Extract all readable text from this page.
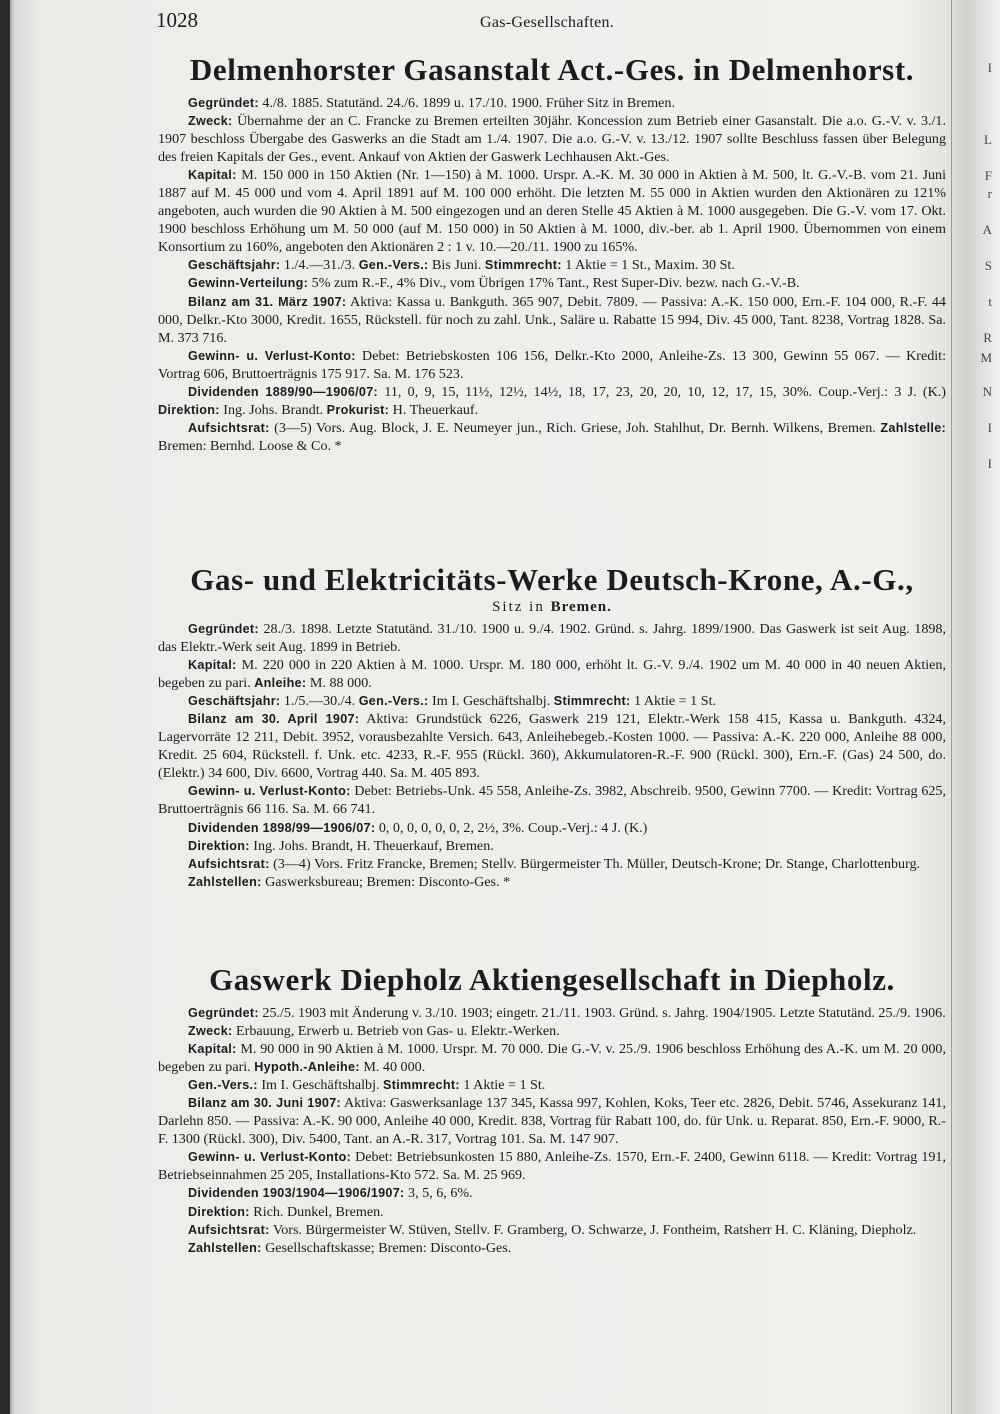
I
L
F
r
A
S
t
R
M
N
I
I
1028	Gas-Gesellschaften.
Delmenhorster Gasanstalt Act.-Ges. in Delmenhorst.

Gegründet: 4./8. 1885. Statutänd. 24./6. 1899 u. 17./10. 1900. Früher Sitz in Bremen.

Zweck: Übernahme der an C. Francke zu Bremen erteilten 30jähr. Koncession zum Betrieb einer Gasanstalt. Die a.o. G.-V. v. 3./1. 1907 beschloss Übergabe des Gaswerks an die Stadt am 1./4. 1907. Die a.o. G.-V. v. 13./12. 1907 sollte Beschluss fassen über Belegung des freien Kapitals der Ges., event. Ankauf von Aktien der Gaswerk Lechhausen Akt.-Ges.

Kapital: M. 150 000 in 150 Aktien (Nr. 1—150) à M. 1000. Urspr. A.-K. M. 30 000 in Aktien à M. 500, lt. G.-V.-B. vom 21. Juni 1887 auf M. 45 000 und vom 4. April 1891 auf M. 100 000 erhöht. Die letzten M. 55 000 in Aktien wurden den Aktionären zu 121% angeboten, auch wurden die 90 Aktien à M. 500 eingezogen und an deren Stelle 45 Aktien à M. 1000 ausgegeben. Die G.-V. vom 17. Okt. 1900 beschloss Erhöhung um M. 50 000 (auf M. 150 000) in 50 Aktien à M. 1000, div.-ber. ab 1. April 1900. Übernommen von einem Konsortium zu 160%, angeboten den Aktionären 2 : 1 v. 10.—20./11. 1900 zu 165%.

Geschäftsjahr: 1./4.—31./3. Gen.-Vers.: Bis Juni. Stimmrecht: 1 Aktie = 1 St., Maxim. 30 St.

Gewinn-Verteilung: 5% zum R.-F., 4% Div., vom Übrigen 17% Tant., Rest Super-Div. bezw. nach G.-V.-B.

Bilanz am 31. März 1907: Aktiva: Kassa u. Bankguth. 365 907, Debit. 7809. — Passiva: A.-K. 150 000, Ern.-F. 104 000, R.-F. 44 000, Delkr.-Kto 3000, Kredit. 1655, Rückstell. für noch zu zahl. Unk., Saläre u. Rabatte 15 994, Div. 45 000, Tant. 8238, Vortrag 1828. Sa. M. 373 716.

Gewinn- u. Verlust-Konto: Debet: Betriebskosten 106 156, Delkr.-Kto 2000, Anleihe-Zs. 13 300, Gewinn 55 067. — Kredit: Vortrag 606, Bruttoerträgnis 175 917. Sa. M. 176 523.

Dividenden 1889/90—1906/07: 11, 0, 9, 15, 11½, 12½, 14½, 18, 17, 23, 20, 20, 10, 12, 17, 15, 30%. Coup.-Verj.: 3 J. (K.) Direktion: Ing. Johs. Brandt. Prokurist: H. Theuerkauf.

Aufsichtsrat: (3—5) Vors. Aug. Block, J. E. Neumeyer jun., Rich. Griese, Joh. Stahlhut, Dr. Bernh. Wilkens, Bremen. Zahlstelle: Bremen: Bernhd. Loose & Co. *

Gas- und Elektricitäts-Werke Deutsch-Krone, A.-G.,

Sitz in Bremen.

Gegründet: 28./3. 1898. Letzte Statutänd. 31./10. 1900 u. 9./4. 1902. Gründ. s. Jahrg. 1899/1900. Das Gaswerk ist seit Aug. 1898, das Elektr.-Werk seit Aug. 1899 in Betrieb.

Kapital: M. 220 000 in 220 Aktien à M. 1000. Urspr. M. 180 000, erhöht lt. G.-V. 9./4. 1902 um M. 40 000 in 40 neuen Aktien, begeben zu pari. Anleihe: M. 88 000.

Geschäftsjahr: 1./5.—30./4. Gen.-Vers.: Im I. Geschäftshalbj. Stimmrecht: 1 Aktie = 1 St.

Bilanz am 30. April 1907: Aktiva: Grundstück 6226, Gaswerk 219 121, Elektr.-Werk 158 415, Kassa u. Bankguth. 4324, Lagervorräte 12 211, Debit. 3952, vorausbezahlte Versich. 643, Anleihebegeb.-Kosten 1000. — Passiva: A.-K. 220 000, Anleihe 88 000, Kredit. 25 604, Rückstell. f. Unk. etc. 4233, R.-F. 955 (Rückl. 360), Akkumulatoren-R.-F. 900 (Rückl. 300), Ern.-F. (Gas) 24 500, do. (Elektr.) 34 600, Div. 6600, Vortrag 440. Sa. M. 405 893.

Gewinn- u. Verlust-Konto: Debet: Betriebs-Unk. 45 558, Anleihe-Zs. 3982, Abschreib. 9500, Gewinn 7700. — Kredit: Vortrag 625, Bruttoerträgnis 66 116. Sa. M. 66 741.

Dividenden 1898/99—1906/07: 0, 0, 0, 0, 0, 0, 2, 2½, 3%. Coup.-Verj.: 4 J. (K.)

Direktion: Ing. Johs. Brandt, H. Theuerkauf, Bremen.

Aufsichtsrat: (3—4) Vors. Fritz Francke, Bremen; Stellv. Bürgermeister Th. Müller, Deutsch-Krone; Dr. Stange, Charlottenburg.

Zahlstellen: Gaswerksbureau; Bremen: Disconto-Ges. *

Gaswerk Diepholz Aktiengesellschaft in Diepholz.

Gegründet: 25./5. 1903 mit Änderung v. 3./10. 1903; eingetr. 21./11. 1903. Gründ. s. Jahrg. 1904/1905. Letzte Statutänd. 25./9. 1906.

Zweck: Erbauung, Erwerb u. Betrieb von Gas- u. Elektr.-Werken.

Kapital: M. 90 000 in 90 Aktien à M. 1000. Urspr. M. 70 000. Die G.-V. v. 25./9. 1906 beschloss Erhöhung des A.-K. um M. 20 000, begeben zu pari. Hypoth.-Anleihe: M. 40 000.

Gen.-Vers.: Im I. Geschäftshalbj. Stimmrecht: 1 Aktie = 1 St.

Bilanz am 30. Juni 1907: Aktiva: Gaswerksanlage 137 345, Kassa 997, Kohlen, Koks, Teer etc. 2826, Debit. 5746, Assekuranz 141, Darlehn 850. — Passiva: A.-K. 90 000, Anleihe 40 000, Kredit. 838, Vortrag für Rabatt 100, do. für Unk. u. Reparat. 850, Ern.-F. 9000, R.-F. 1300 (Rückl. 300), Div. 5400, Tant. an A.-R. 317, Vortrag 101. Sa. M. 147 907.

Gewinn- u. Verlust-Konto: Debet: Betriebsunkosten 15 880, Anleihe-Zs. 1570, Ern.-F. 2400, Gewinn 6118. — Kredit: Vortrag 191, Betriebseinnahmen 25 205, Installations-Kto 572. Sa. M. 25 969.

Dividenden 1903/1904—1906/1907: 3, 5, 6, 6%.

Direktion: Rich. Dunkel, Bremen.

Aufsichtsrat: Vors. Bürgermeister W. Stüven, Stellv. F. Gramberg, O. Schwarze, J. Fontheim, Ratsherr H. C. Kläning, Diepholz.

Zahlstellen: Gesellschaftskasse; Bremen: Disconto-Ges.
